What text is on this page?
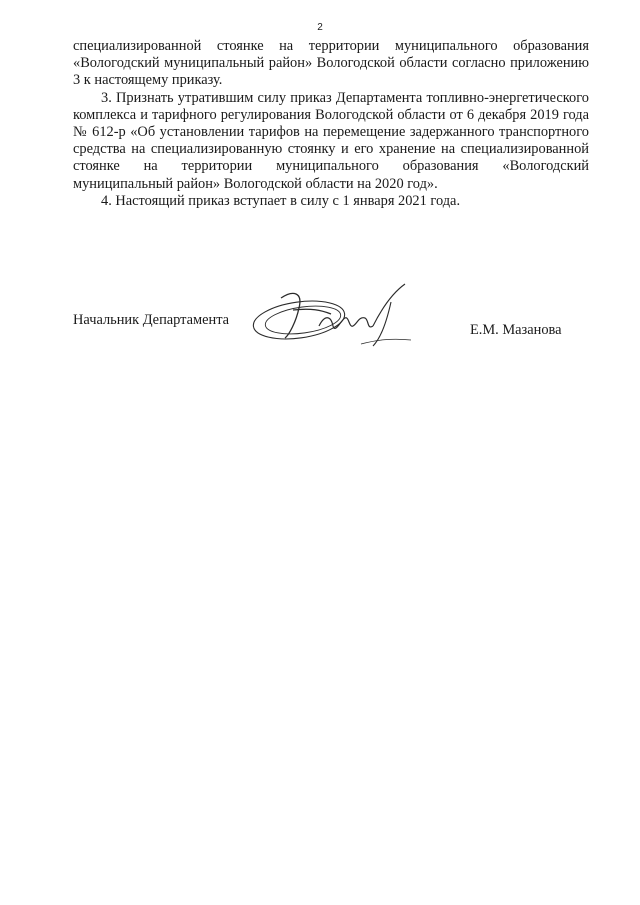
2

специализированной стоянке на территории муниципального образования «Вологодский муниципальный район» Вологодской области согласно приложению 3 к настоящему приказу.

3. Признать утратившим силу приказ Департамента топливно-энергетического комплекса и тарифного регулирования Вологодской области от 6 декабря 2019 года № 612-р «Об установлении тарифов на перемещение задержанного транспортного средства на специализированную стоянку и его хранение на специализированной стоянке на территории муниципального образования «Вологодский муниципальный район» Вологодской области на 2020 год».

4. Настоящий приказ вступает в силу с 1 января 2021 года.

Начальник Департамента
Е.М. Мазанова
